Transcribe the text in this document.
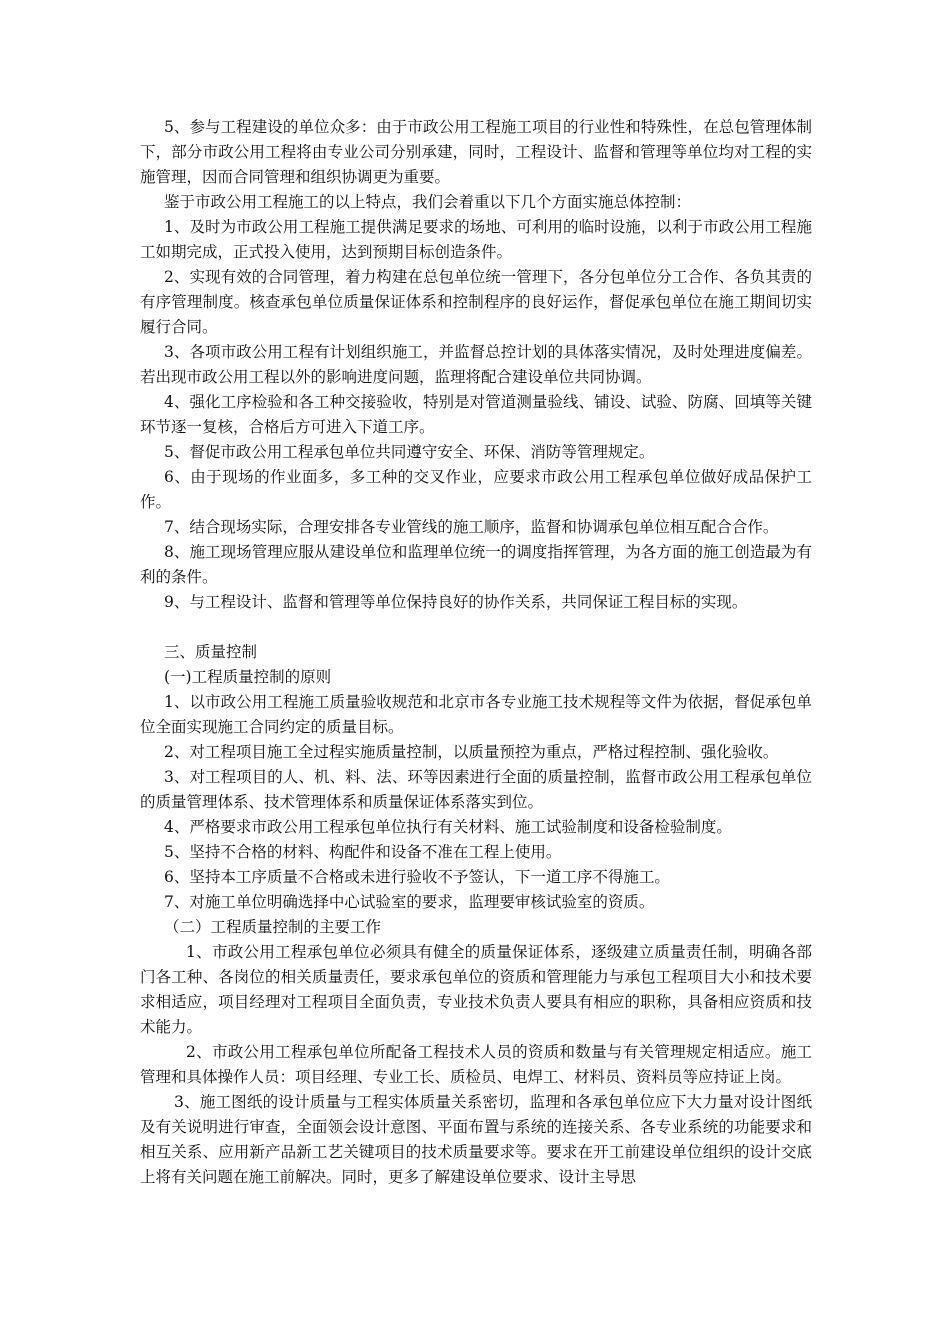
5、参与工程建设的单位众多：由于市政公用工程施工项目的行业性和特殊性，在总包管理体制下，部分市政公用工程将由专业公司分别承建，同时，工程设计、监督和管理等单位均对工程的实施管理，因而合同管理和组织协调更为重要。

鉴于市政公用工程施工的以上特点，我们会着重以下几个方面实施总体控制：

1、及时为市政公用工程施工提供满足要求的场地、可利用的临时设施，以利于市政公用工程施工如期完成，正式投入使用，达到预期目标创造条件。

2、实现有效的合同管理，着力构建在总包单位统一管理下，各分包单位分工合作、各负其责的有序管理制度。核查承包单位质量保证体系和控制程序的良好运作，督促承包单位在施工期间切实履行合同。

3、各项市政公用工程有计划组织施工，并监督总控计划的具体落实情况，及时处理进度偏差。若出现市政公用工程以外的影响进度问题，监理将配合建设单位共同协调。

4、强化工序检验和各工种交接验收，特别是对管道测量验线、铺设、试验、防腐、回填等关键环节逐一复核，合格后方可进入下道工序。

5、督促市政公用工程承包单位共同遵守安全、环保、消防等管理规定。

6、由于现场的作业面多，多工种的交叉作业，应要求市政公用工程承包单位做好成品保护工作。

7、结合现场实际，合理安排各专业管线的施工顺序，监督和协调承包单位相互配合合作。

8、施工现场管理应服从建设单位和监理单位统一的调度指挥管理，为各方面的施工创造最为有利的条件。

9、与工程设计、监督和管理等单位保持良好的协作关系，共同保证工程目标的实现。

三、质量控制

(一)工程质量控制的原则

1、以市政公用工程施工质量验收规范和北京市各专业施工技术规程等文件为依据，督促承包单位全面实现施工合同约定的质量目标。

2、对工程项目施工全过程实施质量控制，以质量预控为重点，严格过程控制、强化验收。

3、对工程项目的人、机、料、法、环等因素进行全面的质量控制，监督市政公用工程承包单位的质量管理体系、技术管理体系和质量保证体系落实到位。

4、严格要求市政公用工程承包单位执行有关材料、施工试验制度和设备检验制度。

5、坚持不合格的材料、构配件和设备不准在工程上使用。

6、坚持本工序质量不合格或未进行验收不予签认，下一道工序不得施工。

7、对施工单位明确选择中心试验室的要求，监理要审核试验室的资质。

（二）工程质量控制的主要工作

1、市政公用工程承包单位必须具有健全的质量保证体系，逐级建立质量责任制，明确各部门各工种、各岗位的相关质量责任，要求承包单位的资质和管理能力与承包工程项目大小和技术要求相适应，项目经理对工程项目全面负责，专业技术负责人要具有相应的职称，具备相应资质和技术能力。

2、市政公用工程承包单位所配备工程技术人员的资质和数量与有关管理规定相适应。施工管理和具体操作人员：项目经理、专业工长、质检员、电焊工、材料员、资料员等应持证上岗。

3、施工图纸的设计质量与工程实体质量关系密切，监理和各承包单位应下大力量对设计图纸及有关说明进行审查，全面领会设计意图、平面布置与系统的连接关系、各专业系统的功能要求和相互关系、应用新产品新工艺关键项目的技术质量要求等。要求在开工前建设单位组织的设计交底上将有关问题在施工前解决。同时，更多了解建设单位要求、设计主导思
